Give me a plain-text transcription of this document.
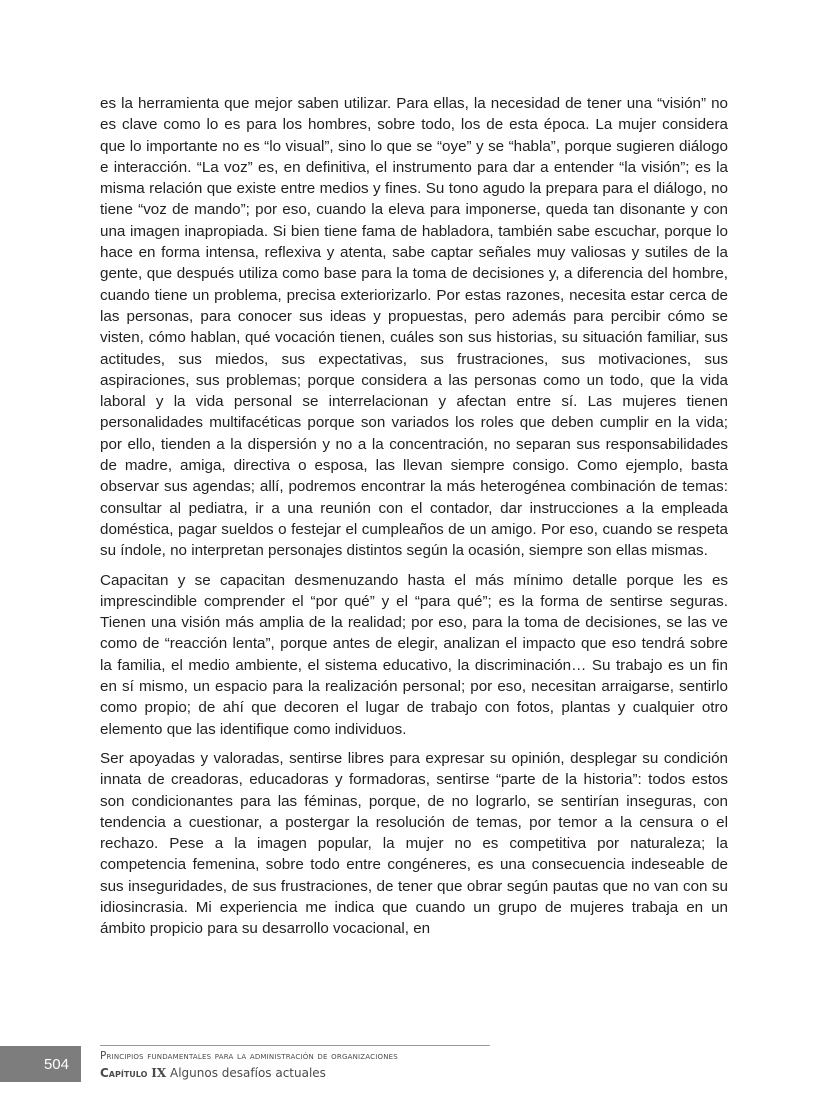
es la herramienta que mejor saben utilizar. Para ellas, la necesidad de tener una “visión” no es clave como lo es para los hombres, sobre todo, los de esta época. La mujer considera que lo importante no es “lo visual”, sino lo que se “oye” y se “habla”, porque sugieren diálogo e interacción. “La voz” es, en definitiva, el instrumento para dar a entender “la visión”; es la misma relación que existe entre medios y fines. Su tono agudo la prepara para el diálogo, no tiene “voz de mando”; por eso, cuando la eleva para imponerse, queda tan disonante y con una imagen inapropiada. Si bien tiene fama de habladora, también sabe escuchar, porque lo hace en forma intensa, reflexiva y atenta, sabe captar señales muy valiosas y sutiles de la gente, que después utiliza como base para la toma de decisiones y, a diferencia del hombre, cuando tiene un problema, precisa exteriorizarlo. Por estas razones, necesita estar cerca de las personas, para conocer sus ideas y propuestas, pero además para percibir cómo se visten, cómo hablan, qué vocación tienen, cuáles son sus historias, su situación familiar, sus actitudes, sus miedos, sus expectativas, sus frustraciones, sus motivaciones, sus aspiraciones, sus problemas; porque considera a las personas como un todo, que la vida laboral y la vida personal se interrelacionan y afectan entre sí. Las mujeres tienen personalidades multifacéticas porque son variados los roles que deben cumplir en la vida; por ello, tienden a la dispersión y no a la concentración, no separan sus responsabilidades de madre, amiga, directiva o esposa, las llevan siempre consigo. Como ejemplo, basta observar sus agendas; allí, podremos encontrar la más heterogénea combinación de temas: consultar al pediatra, ir a una reunión con el contador, dar instrucciones a la empleada doméstica, pagar sueldos o festejar el cumpleaños de un amigo. Por eso, cuando se respeta su índole, no interpretan personajes distintos según la ocasión, siempre son ellas mismas.

Capacitan y se capacitan desmenuzando hasta el más mínimo detalle porque les es imprescindible comprender el “por qué” y el “para qué”; es la forma de sentirse seguras. Tienen una visión más amplia de la realidad; por eso, para la toma de decisiones, se las ve como de “reacción lenta”, porque antes de elegir, analizan el impacto que eso tendrá sobre la familia, el medio ambiente, el sistema educativo, la discriminación… Su trabajo es un fin en sí mismo, un espacio para la realización personal; por eso, necesitan arraigarse, sentirlo como propio; de ahí que decoren el lugar de trabajo con fotos, plantas y cualquier otro elemento que las identifique como individuos.

Ser apoyadas y valoradas, sentirse libres para expresar su opinión, desplegar su condición innata de creadoras, educadoras y formadoras, sentirse “parte de la historia”: todos estos son condicionantes para las féminas, porque, de no lograrlo, se sentirían inseguras, con tendencia a cuestionar, a postergar la resolución de temas, por temor a la censura o el rechazo. Pese a la imagen popular, la mujer no es competitiva por naturaleza; la competencia femenina, sobre todo entre congéneres, es una consecuencia indeseable de sus inseguridades, de sus frustraciones, de tener que obrar según pautas que no van con su idiosincrasia. Mi experiencia me indica que cuando un grupo de mujeres trabaja en un ámbito propicio para su desarrollo vocacional, en

504	Principios fundamentales para la administración de organizaciones
Capítulo IX Algunos desafíos actuales
